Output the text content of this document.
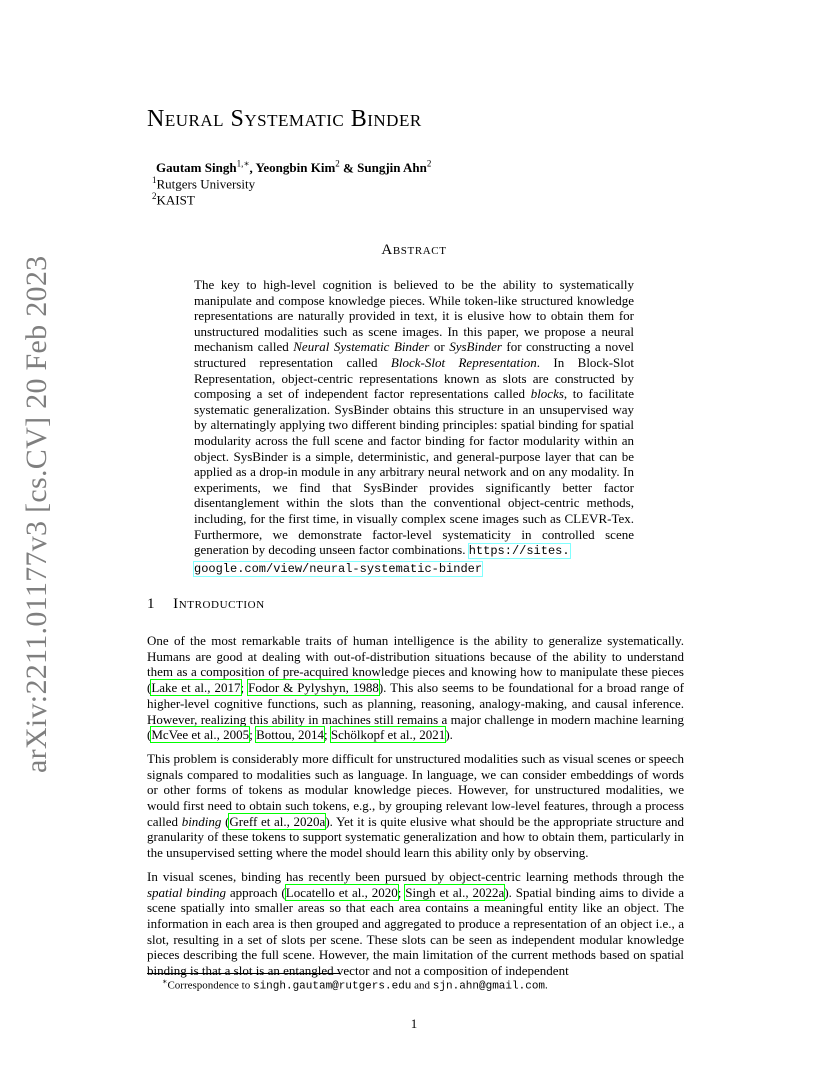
arXiv:2211.01177v3 [cs.CV] 20 Feb 2023
Neural Systematic Binder
Gautam Singh$^{1,∗}$, Yeongbin Kim$^2$ & Sungjin Ahn$^2$
$^1$Rutgers University
$^2$KAIST
Abstract
The key to high-level cognition is believed to be the ability to systematically manipulate and compose knowledge pieces. While token-like structured knowledge representations are naturally provided in text, it is elusive how to obtain them for unstructured modalities such as scene images. In this paper, we propose a neural mechanism called Neural Systematic Binder or SysBinder for constructing a novel structured representation called Block-Slot Representation. In Block-Slot Representation, object-centric representations known as slots are constructed by composing a set of independent factor representations called blocks, to facilitate systematic generalization. SysBinder obtains this structure in an unsupervised way by alternatingly applying two different binding principles: spatial binding for spatial modularity across the full scene and factor binding for factor modularity within an object. SysBinder is a simple, deterministic, and general-purpose layer that can be applied as a drop-in module in any arbitrary neural network and on any modality. In experiments, we find that SysBinder provides significantly better factor disentanglement within the slots than the conventional object-centric methods, including, for the first time, in visually complex scene images such as CLEVR-Tex. Furthermore, we demonstrate factor-level systematicity in controlled scene generation by decoding unseen factor combinations. https://sites.
google.com/view/neural-systematic-binder
1 Introduction

One of the most remarkable traits of human intelligence is the ability to generalize systematically. Humans are good at dealing with out-of-distribution situations because of the ability to understand them as a composition of pre-acquired knowledge pieces and knowing how to manipulate these pieces (Lake et al., 2017; Fodor & Pylyshyn, 1988). This also seems to be foundational for a broad range of higher-level cognitive functions, such as planning, reasoning, analogy-making, and causal inference. However, realizing this ability in machines still remains a major challenge in modern machine learning (McVee et al., 2005; Bottou, 2014; Schölkopf et al., 2021).

This problem is considerably more difficult for unstructured modalities such as visual scenes or speech signals compared to modalities such as language. In language, we can consider embeddings of words or other forms of tokens as modular knowledge pieces. However, for unstructured modalities, we would first need to obtain such tokens, e.g., by grouping relevant low-level features, through a process called binding (Greff et al., 2020a). Yet it is quite elusive what should be the appropriate structure and granularity of these tokens to support systematic generalization and how to obtain them, particularly in the unsupervised setting where the model should learn this ability only by observing.

In visual scenes, binding has recently been pursued by object-centric learning methods through the spatial binding approach (Locatello et al., 2020; Singh et al., 2022a). Spatial binding aims to divide a scene spatially into smaller areas so that each area contains a meaningful entity like an object. The information in each area is then grouped and aggregated to produce a representation of an object i.e., a slot, resulting in a set of slots per scene. These slots can be seen as independent modular knowledge pieces describing the full scene. However, the main limitation of the current methods based on spatial binding is that a slot is an entangled vector and not a composition of independent

∗Correspondence to singh.gautam@rutgers.edu and sjn.ahn@gmail.com.
1
